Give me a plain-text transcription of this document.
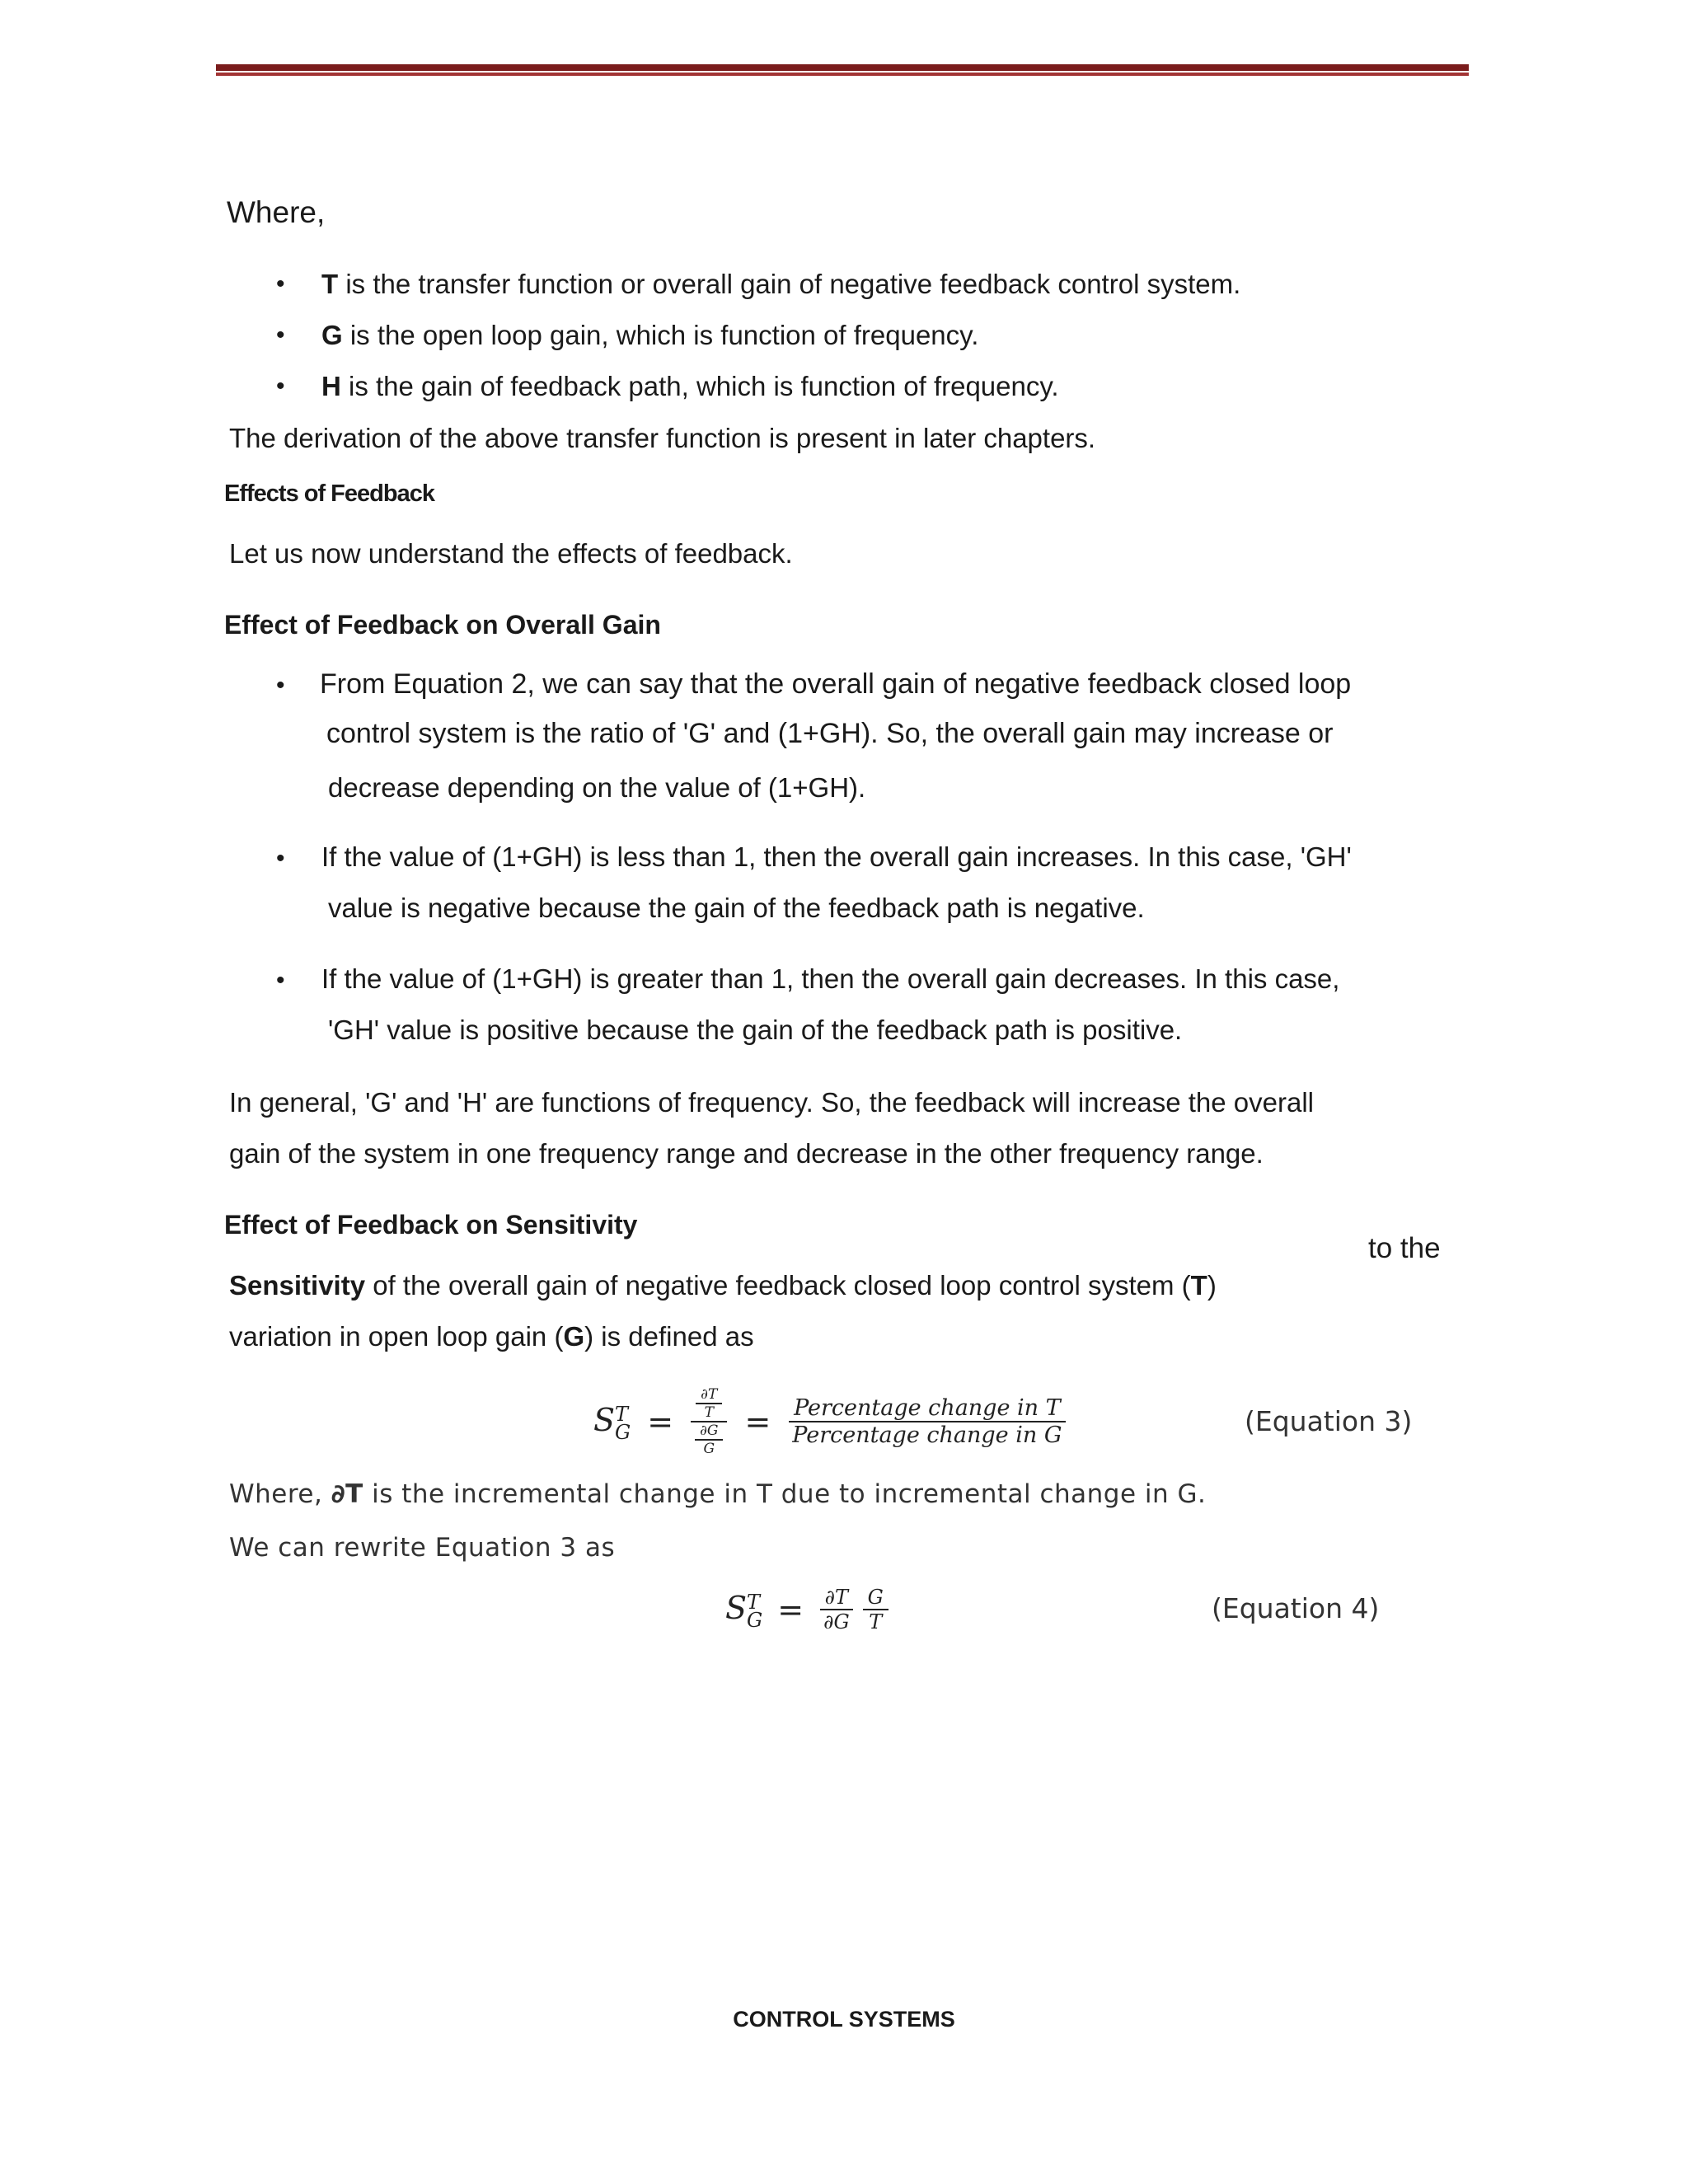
Where,
• T is the transfer function or overall gain of negative feedback control system.
• G is the open loop gain, which is function of frequency.
• H is the gain of feedback path, which is function of frequency.
The derivation of the above transfer function is present in later chapters.
Effects of Feedback
Let us now understand the effects of feedback.
Effect of Feedback on Overall Gain
• From Equation 2, we can say that the overall gain of negative feedback closed loop
control system is the ratio of 'G' and (1+GH). So, the overall gain may increase or
decrease depending on the value of (1+GH).
• If the value of (1+GH) is less than 1, then the overall gain increases. In this case, 'GH'
value is negative because the gain of the feedback path is negative.
• If the value of (1+GH) is greater than 1, then the overall gain decreases. In this case,
'GH' value is positive because the gain of the feedback path is positive.
In general, 'G' and 'H' are functions of frequency. So, the feedback will increase the overall
gain of the system in one frequency range and decrease in the other frequency range.
Effect of Feedback on Sensitivity
to the
Sensitivity of the overall gain of negative feedback closed loop control system (T)
variation in open loop gain (G) is defined as
S T
$G = \frac{\frac{\partial T}{T}}{\frac{\partial G}{G}} = \frac{\text{Percentage change in T}}{\text{Percentage change in G}}$	(Equation 3)
Where, ∂T is the incremental change in T due to incremental change in G.
We can rewrite Equation 3 as
S T
$G = \frac{\partial T}{\partial G} \frac{G}{T}$	(Equation 4)
CONTROL SYSTEMS
